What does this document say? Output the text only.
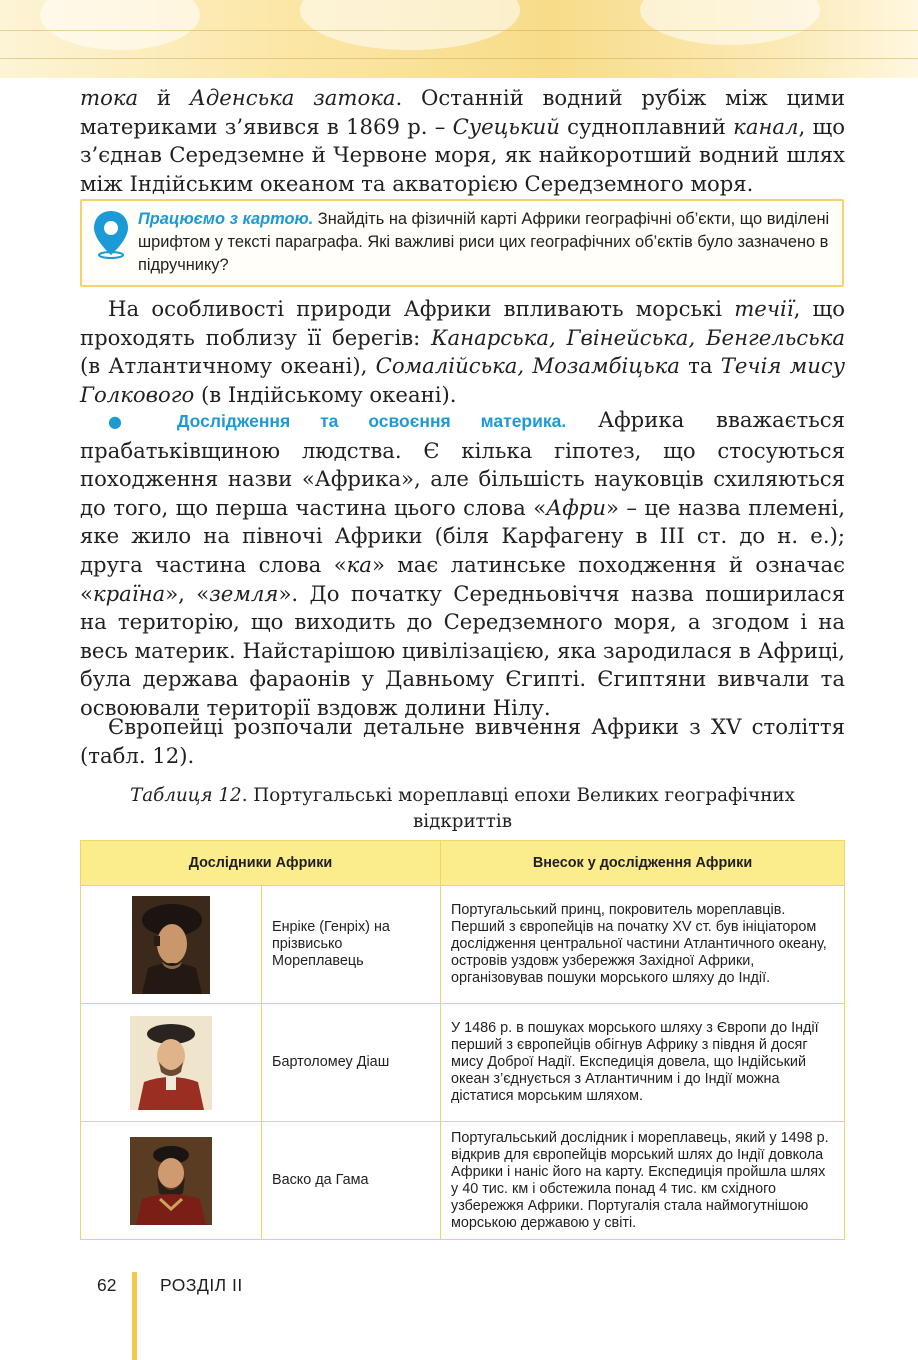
тока й Аденська затока. Останній водний рубіж між цими материками з’явився в 1869 р. – Суецький судноплавний канал, що з’єднав Середземне й Червоне моря, як найкоротший водний шлях між Індійським океаном та акваторією Середземного моря.

Працюємо з картою. Знайдіть на фізичній карті Африки географічні об’єкти, що виділені шрифтом у тексті параграфа. Які важливі риси цих географічних об’єктів було зазначено в підручнику?

На особливості природи Африки впливають морські течії, що проходять поблизу її берегів: Канарська, Гвінейська, Бенгельська (в Атлантичному океані), Сомалійська, Мозамбіцька та Течія мису Голкового (в Індійському океані).

● Дослідження та освоєння материка. Африка вважається прабатьківщиною людства. Є кілька гіпотез, що стосуються походження назви «Африка», але більшість науковців схиляються до того, що перша частина цього слова «Афри» – це назва племені, яке жило на півночі Африки (біля Карфагену в III ст. до н. е.); друга частина слова «ка» має латинське походження й означає «країна», «земля». До початку Середньовіччя назва поширилася на територію, що виходить до Середземного моря, а згодом і на весь материк. Найстарішою цивілізацією, яка зародилася в Африці, була держава фараонів у Давньому Єгипті. Єгиптяни вивчали та освоювали території вздовж долини Нілу.

Європейці розпочали детальне вивчення Африки з XV століття (табл. 12).

Таблиця 12. Португальські мореплавці епохи Великих географічних відкриттів
Дослідники Африки		Внесок у дослідження Африки

	Енріке (Генріх) на прізвисько Мореплавець	Португальський принц, покровитель мореплавців. Перший з європейців на початку XV ст. був ініціатором дослідження центральної частини Атлантичного океану, островів уздовж узбережжя Західної Африки, організовував пошуки морського шляху до Індії.

	Бартоломеу Діаш	У 1486 р. в пошуках морського шляху з Європи до Індії перший з європейців обігнув Африку з півдня й досяг мису Доброї Надії. Експедиція довела, що Індійський океан з’єднується з Атлантичним і до Індії можна дістатися морським шляхом.

	Васко да Гама	Португальський дослідник і мореплавець, який у 1498 р. відкрив для європейців морський шлях до Індії довкола Африки і наніс його на карту. Експедиція пройшла шлях у 40 тис. км і обстежила понад 4 тис. км східного узбережжя Африки. Португалія стала наймогутнішою морською державою у світі.
62 РОЗДІЛ II
